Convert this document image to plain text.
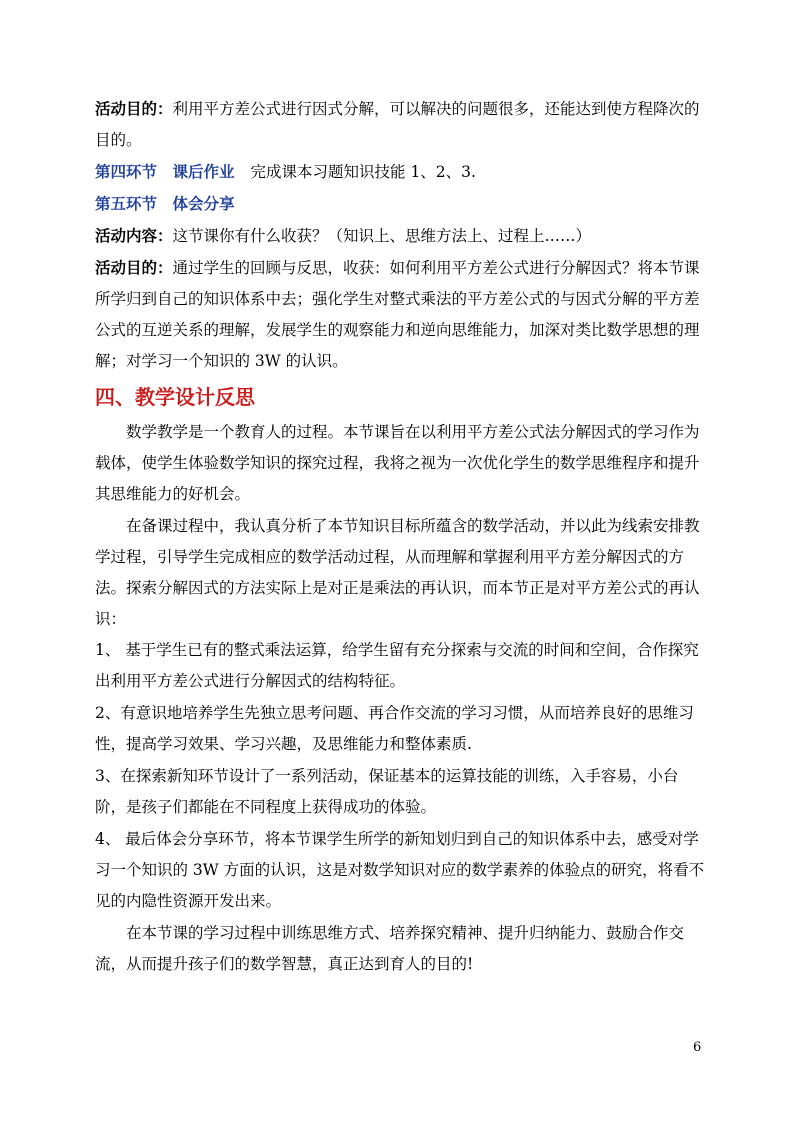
活动目的：利用平方差公式进行因式分解，可以解决的问题很多，还能达到使方程降次的目的。

第四环节　课后作业 完成课本习题知识技能 1、2、3.

第五环节　体会分享

活动内容：这节课你有什么收获？（知识上、思维方法上、过程上……）

活动目的：通过学生的回顾与反思，收获：如何利用平方差公式进行分解因式？将本节课所学归到自己的知识体系中去；强化学生对整式乘法的平方差公式的与因式分解的平方差公式的互逆关系的理解，发展学生的观察能力和逆向思维能力，加深对类比数学思想的理解；对学习一个知识的 3W 的认识。

四、教学设计反思

数学教学是一个教育人的过程。本节课旨在以利用平方差公式法分解因式的学习作为载体，使学生体验数学知识的探究过程，我将之视为一次优化学生的数学思维程序和提升其思维能力的好机会。

在备课过程中，我认真分析了本节知识目标所蕴含的数学活动，并以此为线索安排教学过程，引导学生完成相应的数学活动过程，从而理解和掌握利用平方差分解因式的方法。探索分解因式的方法实际上是对正是乘法的再认识，而本节正是对平方差公式的再认识：

1、 基于学生已有的整式乘法运算，给学生留有充分探索与交流的时间和空间，合作探究出利用平方差公式进行分解因式的结构特征。

2、有意识地培养学生先独立思考问题、再合作交流的学习习惯，从而培养良好的思维习性，提高学习效果、学习兴趣，及思维能力和整体素质.

3、在探索新知环节设计了一系列活动，保证基本的运算技能的训练，入手容易，小台阶，是孩子们都能在不同程度上获得成功的体验。

4、 最后体会分享环节，将本节课学生所学的新知划归到自己的知识体系中去，感受对学习一个知识的 3W 方面的认识，这是对数学知识对应的数学素养的体验点的研究，将看不见的内隐性资源开发出来。

在本节课的学习过程中训练思维方式、培养探究精神、提升归纳能力、鼓励合作交流，从而提升孩子们的数学智慧，真正达到育人的目的!

6
